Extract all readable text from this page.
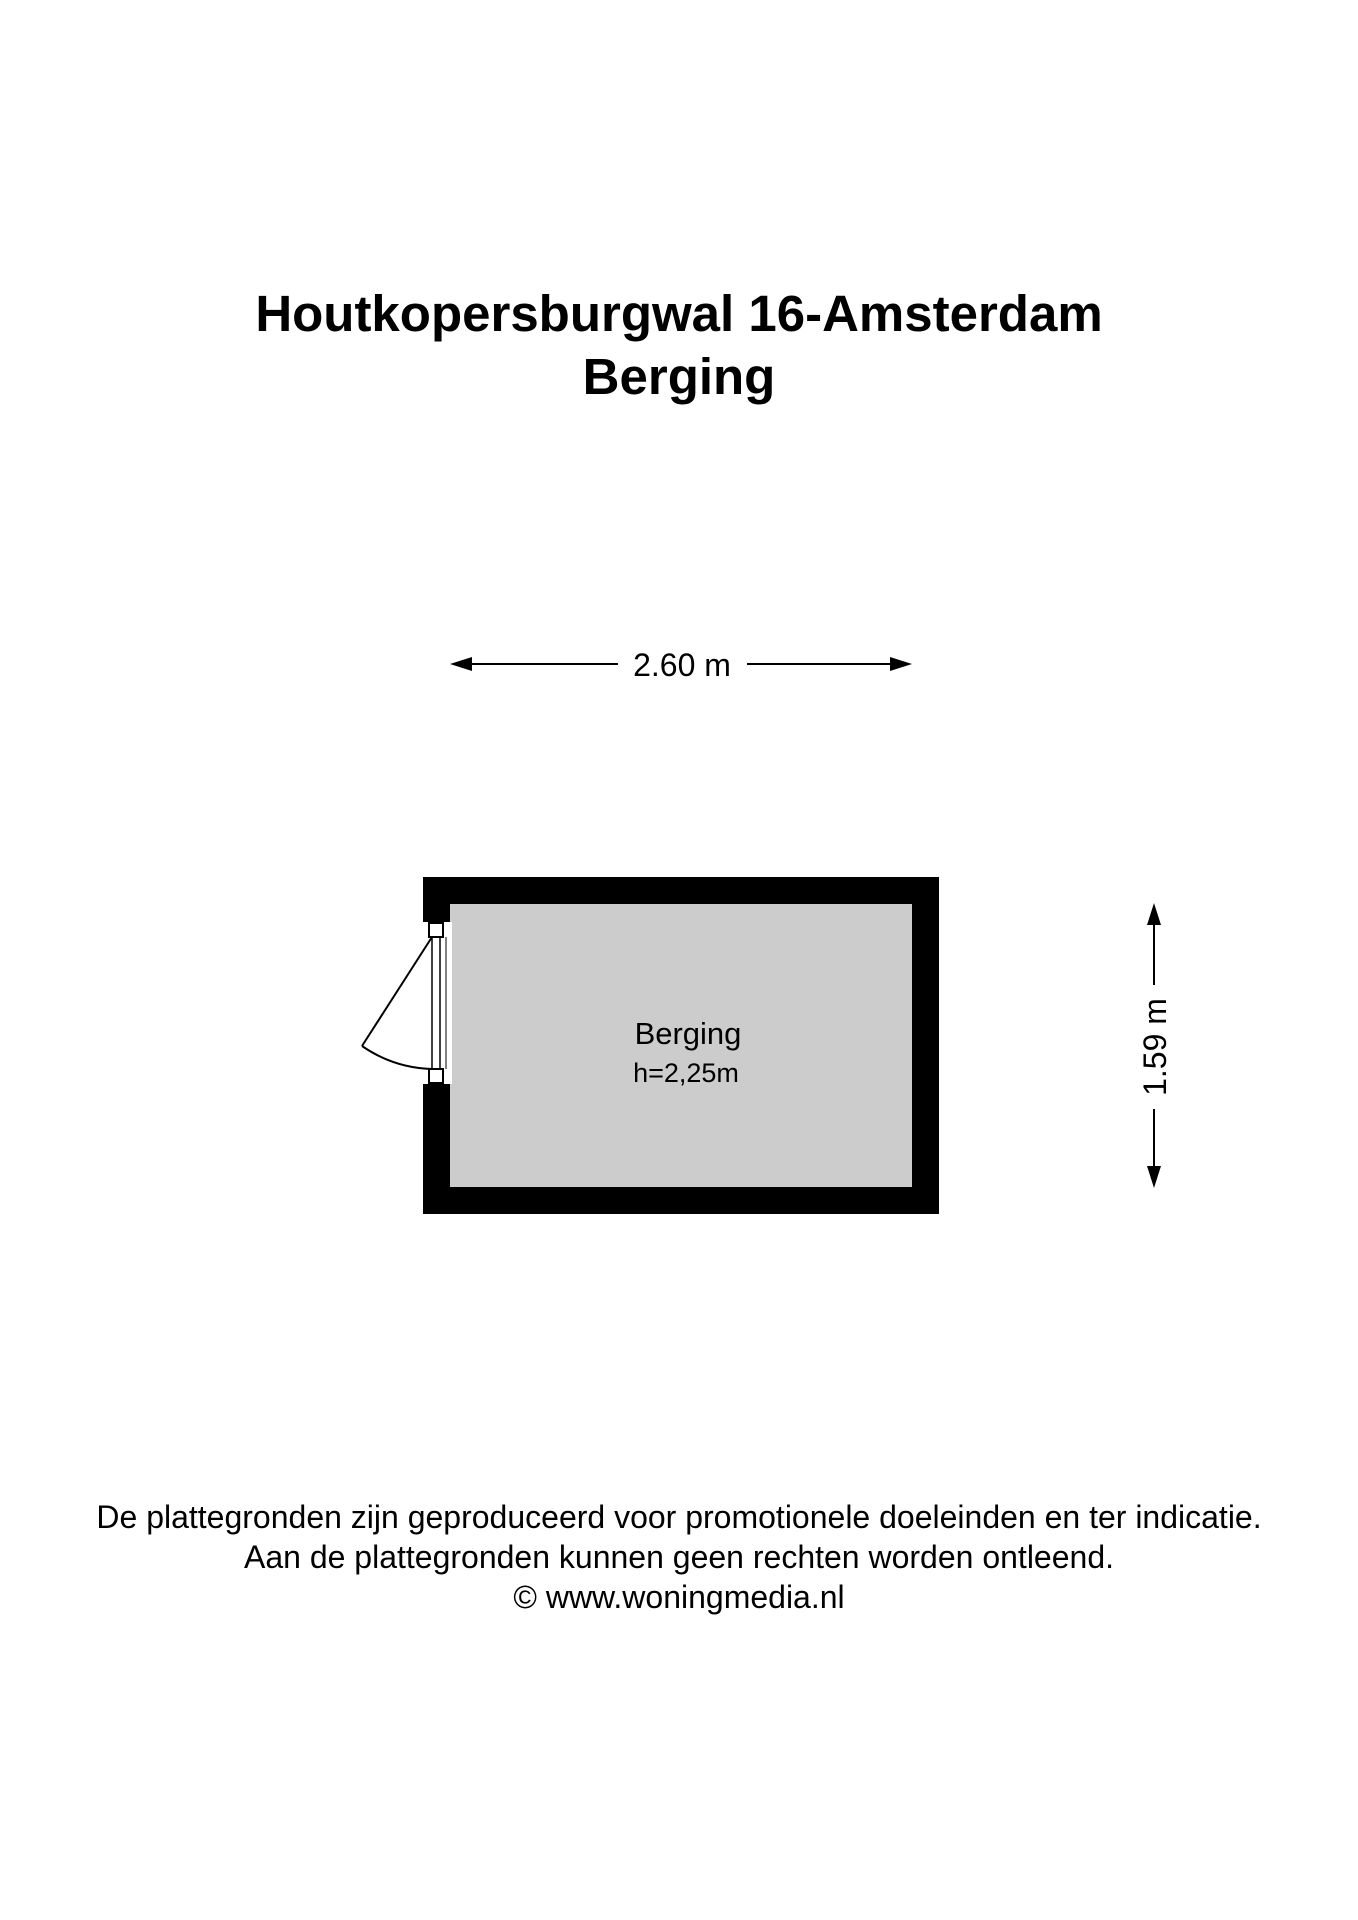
Houtkopersburgwal 16-Amsterdam
Berging
2.60 m
1.59 m
Berging
h=2,25m
De plattegronden zijn geproduceerd voor promotionele doeleinden en ter indicatie.
Aan de plattegronden kunnen geen rechten worden ontleend.
© www.woningmedia.nl
